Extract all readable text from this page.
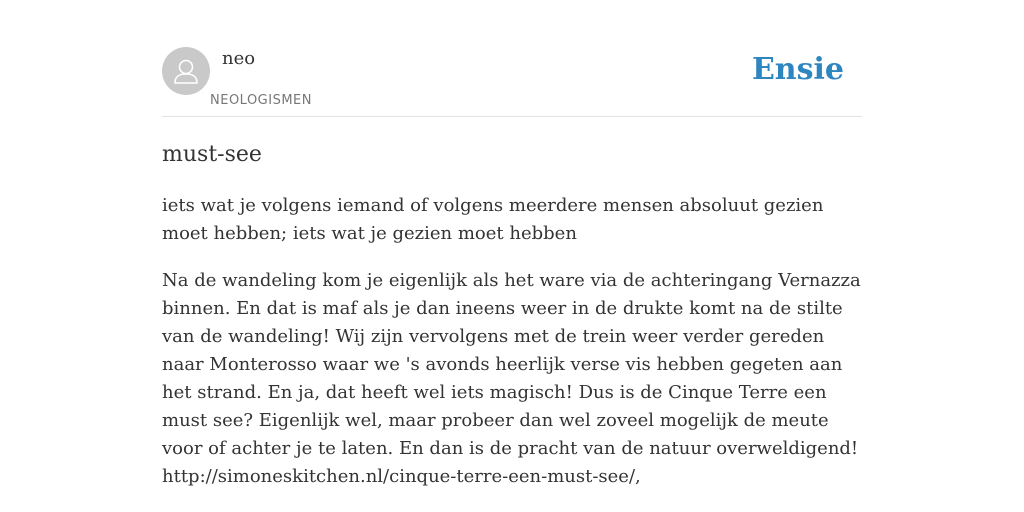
neo
NEOLOGISMEN
Ensie
must-see

iets wat je volgens iemand of volgens meerdere mensen absoluut gezien moet hebben; iets wat je gezien moet hebben

Na de wandeling kom je eigenlijk als het ware via de achteringang Vernazza binnen. En dat is maf als je dan ineens weer in de drukte komt na de stilte van de wandeling! Wij zijn vervolgens met de trein weer verder gereden naar Monterosso waar we 's avonds heerlijk verse vis hebben gegeten aan het strand. En ja, dat heeft wel iets magisch! Dus is de Cinque Terre een must see? Eigenlijk wel, maar probeer dan wel zoveel mogelijk de meute voor of achter je te laten. En dan is de pracht van de natuur overweldigend! http://simoneskitchen.nl/cinque-terre-een-must-see/,
